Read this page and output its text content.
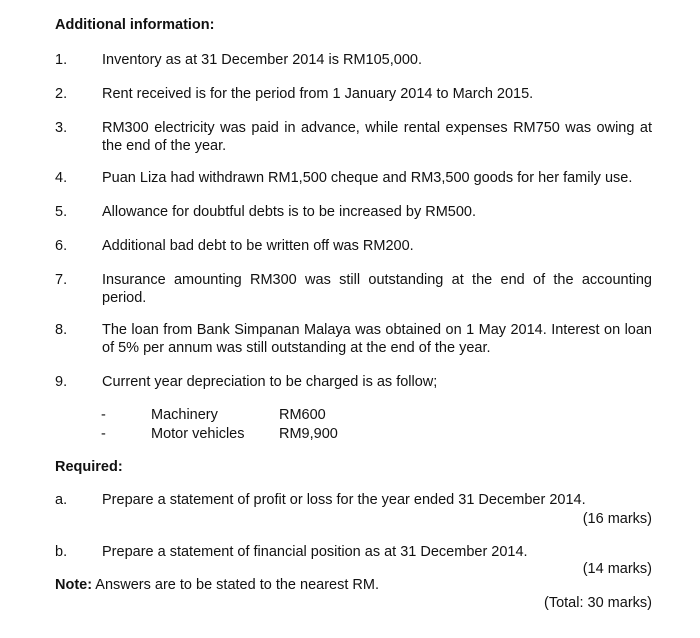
Additional information:
1. Inventory as at 31 December 2014 is RM105,000.
2. Rent received is for the period from 1 January 2014 to March 2015.
3. RM300 electricity was paid in advance, while rental expenses RM750 was owing at the end of the year.
4. Puan Liza had withdrawn RM1,500 cheque and RM3,500 goods for her family use.
5. Allowance for doubtful debts is to be increased by RM500.
6. Additional bad debt to be written off was RM200.
7. Insurance amounting RM300 was still outstanding at the end of the accounting period.
8. The loan from Bank Simpanan Malaya was obtained on 1 May 2014. Interest on loan of 5% per annum was still outstanding at the end of the year.
9. Current year depreciation to be charged is as follow;
-	Machinery	RM600
-	Motor vehicles RM9,900
Required:
a. Prepare a statement of profit or loss for the year ended 31 December 2014.
(16 marks)
b. Prepare a statement of financial position as at 31 December 2014.
(14 marks)
Note: Answers are to be stated to the nearest RM.
(Total: 30 marks)
